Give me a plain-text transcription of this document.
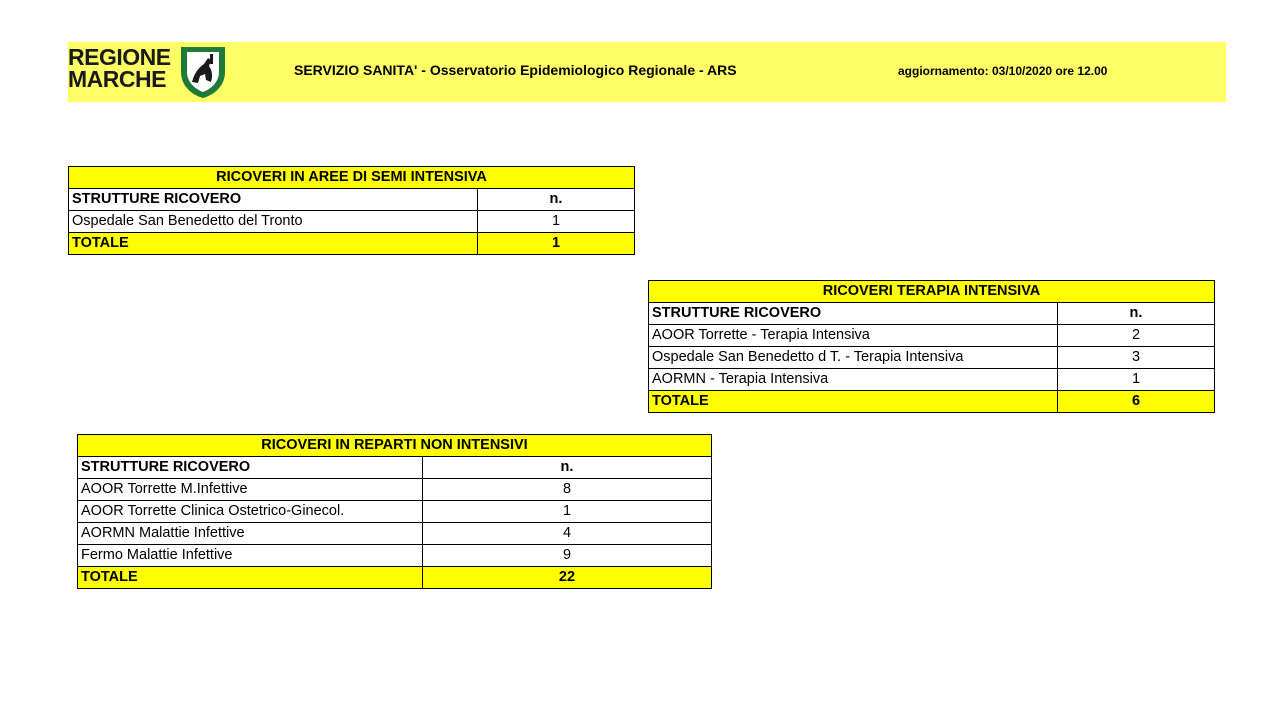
REGIONE
MARCHE	SERVIZIO SANITA' - Osservatorio Epidemiologico Regionale - ARS	aggiornamento: 03/10/2020 ore 12.00
RICOVERI IN AREE DI SEMI INTENSIVA	
STRUTTURE RICOVERO	n.
Ospedale San Benedetto del Tronto	1
TOTALE	1
RICOVERI TERAPIA INTENSIVA	
STRUTTURE RICOVERO	n.
AOOR Torrette - Terapia Intensiva	2
Ospedale San Benedetto d T. - Terapia Intensiva	3
AORMN - Terapia Intensiva	1
TOTALE	6
RICOVERI IN REPARTI NON INTENSIVI	
STRUTTURE RICOVERO	n.
AOOR Torrette M.Infettive	8
AOOR Torrette Clinica Ostetrico-Ginecol.	1
AORMN Malattie Infettive	4
Fermo Malattie Infettive	9
TOTALE	22
